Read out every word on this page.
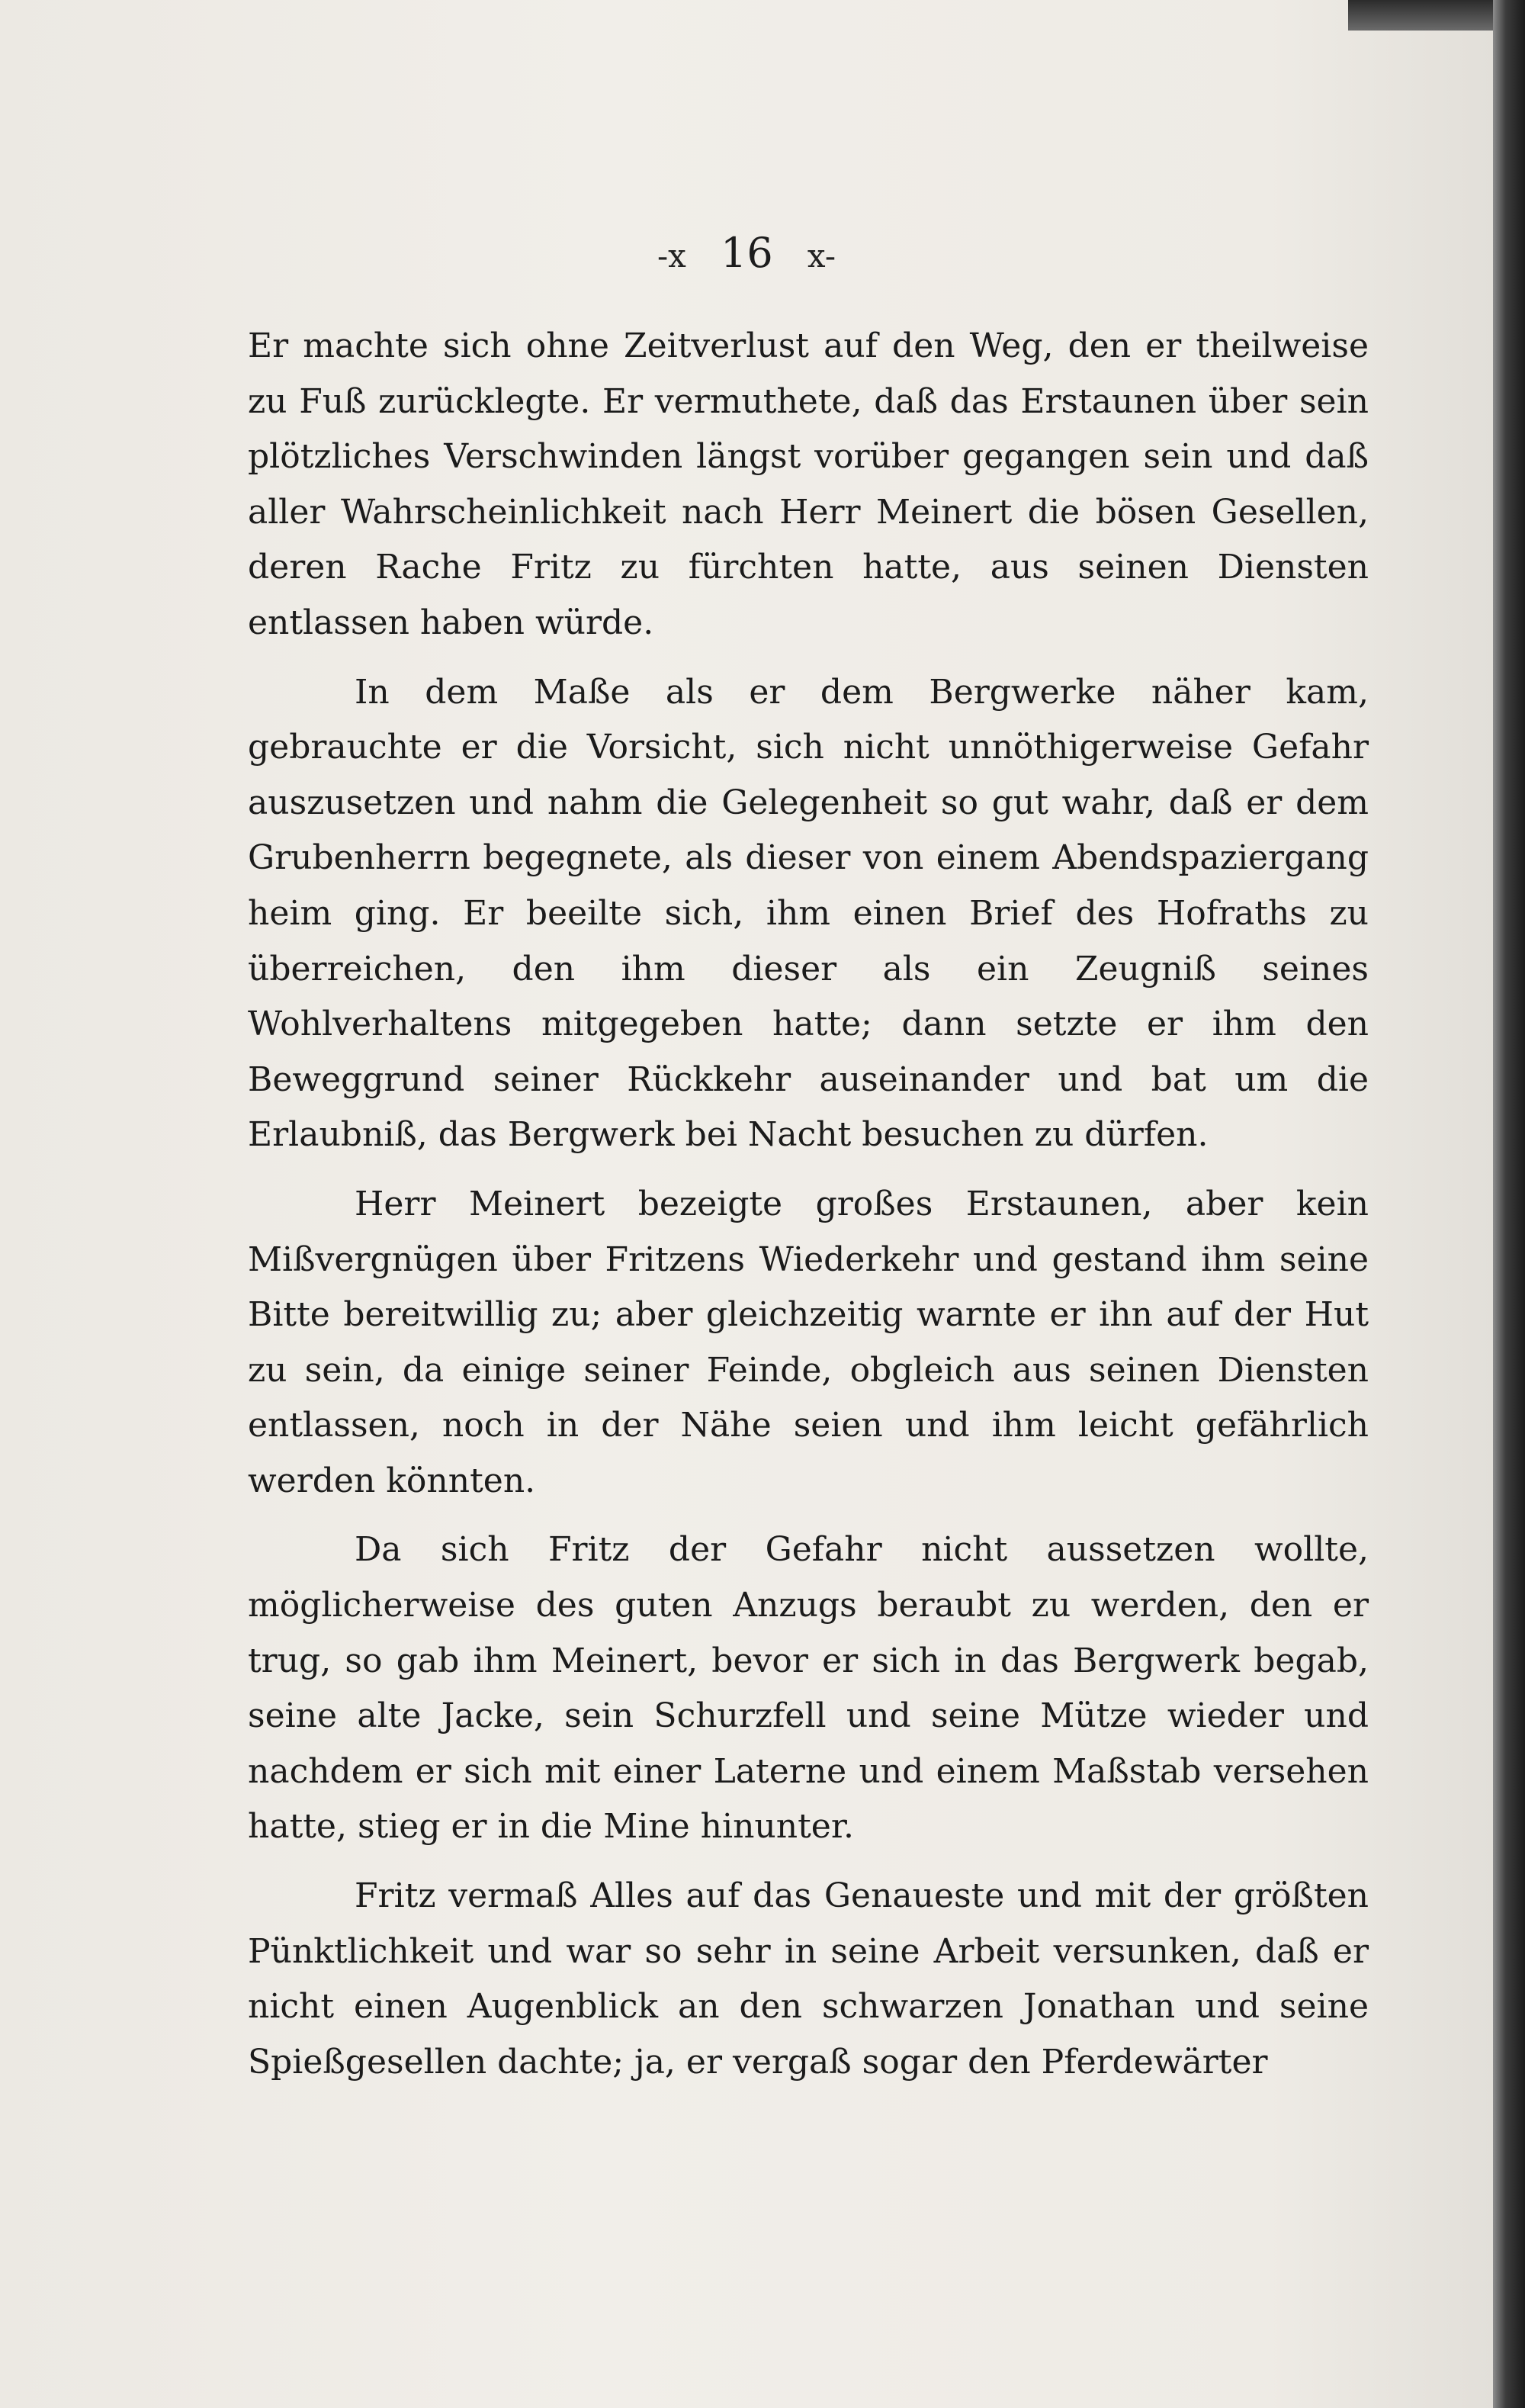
-x 16 x-

Er machte sich ohne Zeitverlust auf den Weg, den er theilweise zu Fuß zurücklegte. Er vermuthete, daß das Erstaunen über sein plötzliches Verschwinden längst vorüber gegangen sein und daß aller Wahrscheinlichkeit nach Herr Meinert die bösen Gesellen, deren Rache Fritz zu fürchten hatte, aus seinen Diensten entlassen haben würde.

In dem Maße als er dem Bergwerke näher kam, gebrauchte er die Vorsicht, sich nicht unnöthigerweise Gefahr auszusetzen und nahm die Gelegenheit so gut wahr, daß er dem Grubenherrn begegnete, als dieser von einem Abendspaziergang heim ging. Er beeilte sich, ihm einen Brief des Hofraths zu überreichen, den ihm dieser als ein Zeugniß seines Wohlverhaltens mitgegeben hatte; dann setzte er ihm den Beweggrund seiner Rückkehr auseinander und bat um die Erlaubniß, das Bergwerk bei Nacht besuchen zu dürfen.

Herr Meinert bezeigte großes Erstaunen, aber kein Mißvergnügen über Fritzens Wiederkehr und gestand ihm seine Bitte bereitwillig zu; aber gleichzeitig warnte er ihn auf der Hut zu sein, da einige seiner Feinde, obgleich aus seinen Diensten entlassen, noch in der Nähe seien und ihm leicht gefährlich werden könnten.

Da sich Fritz der Gefahr nicht aussetzen wollte, möglicherweise des guten Anzugs beraubt zu werden, den er trug, so gab ihm Meinert, bevor er sich in das Bergwerk begab, seine alte Jacke, sein Schurzfell und seine Mütze wieder und nachdem er sich mit einer Laterne und einem Maßstab versehen hatte, stieg er in die Mine hinunter.

Fritz vermaß Alles auf das Genaueste und mit der größten Pünktlichkeit und war so sehr in seine Arbeit versunken, daß er nicht einen Augenblick an den schwarzen Jonathan und seine Spießgesellen dachte; ja, er vergaß sogar den Pferdewärter
